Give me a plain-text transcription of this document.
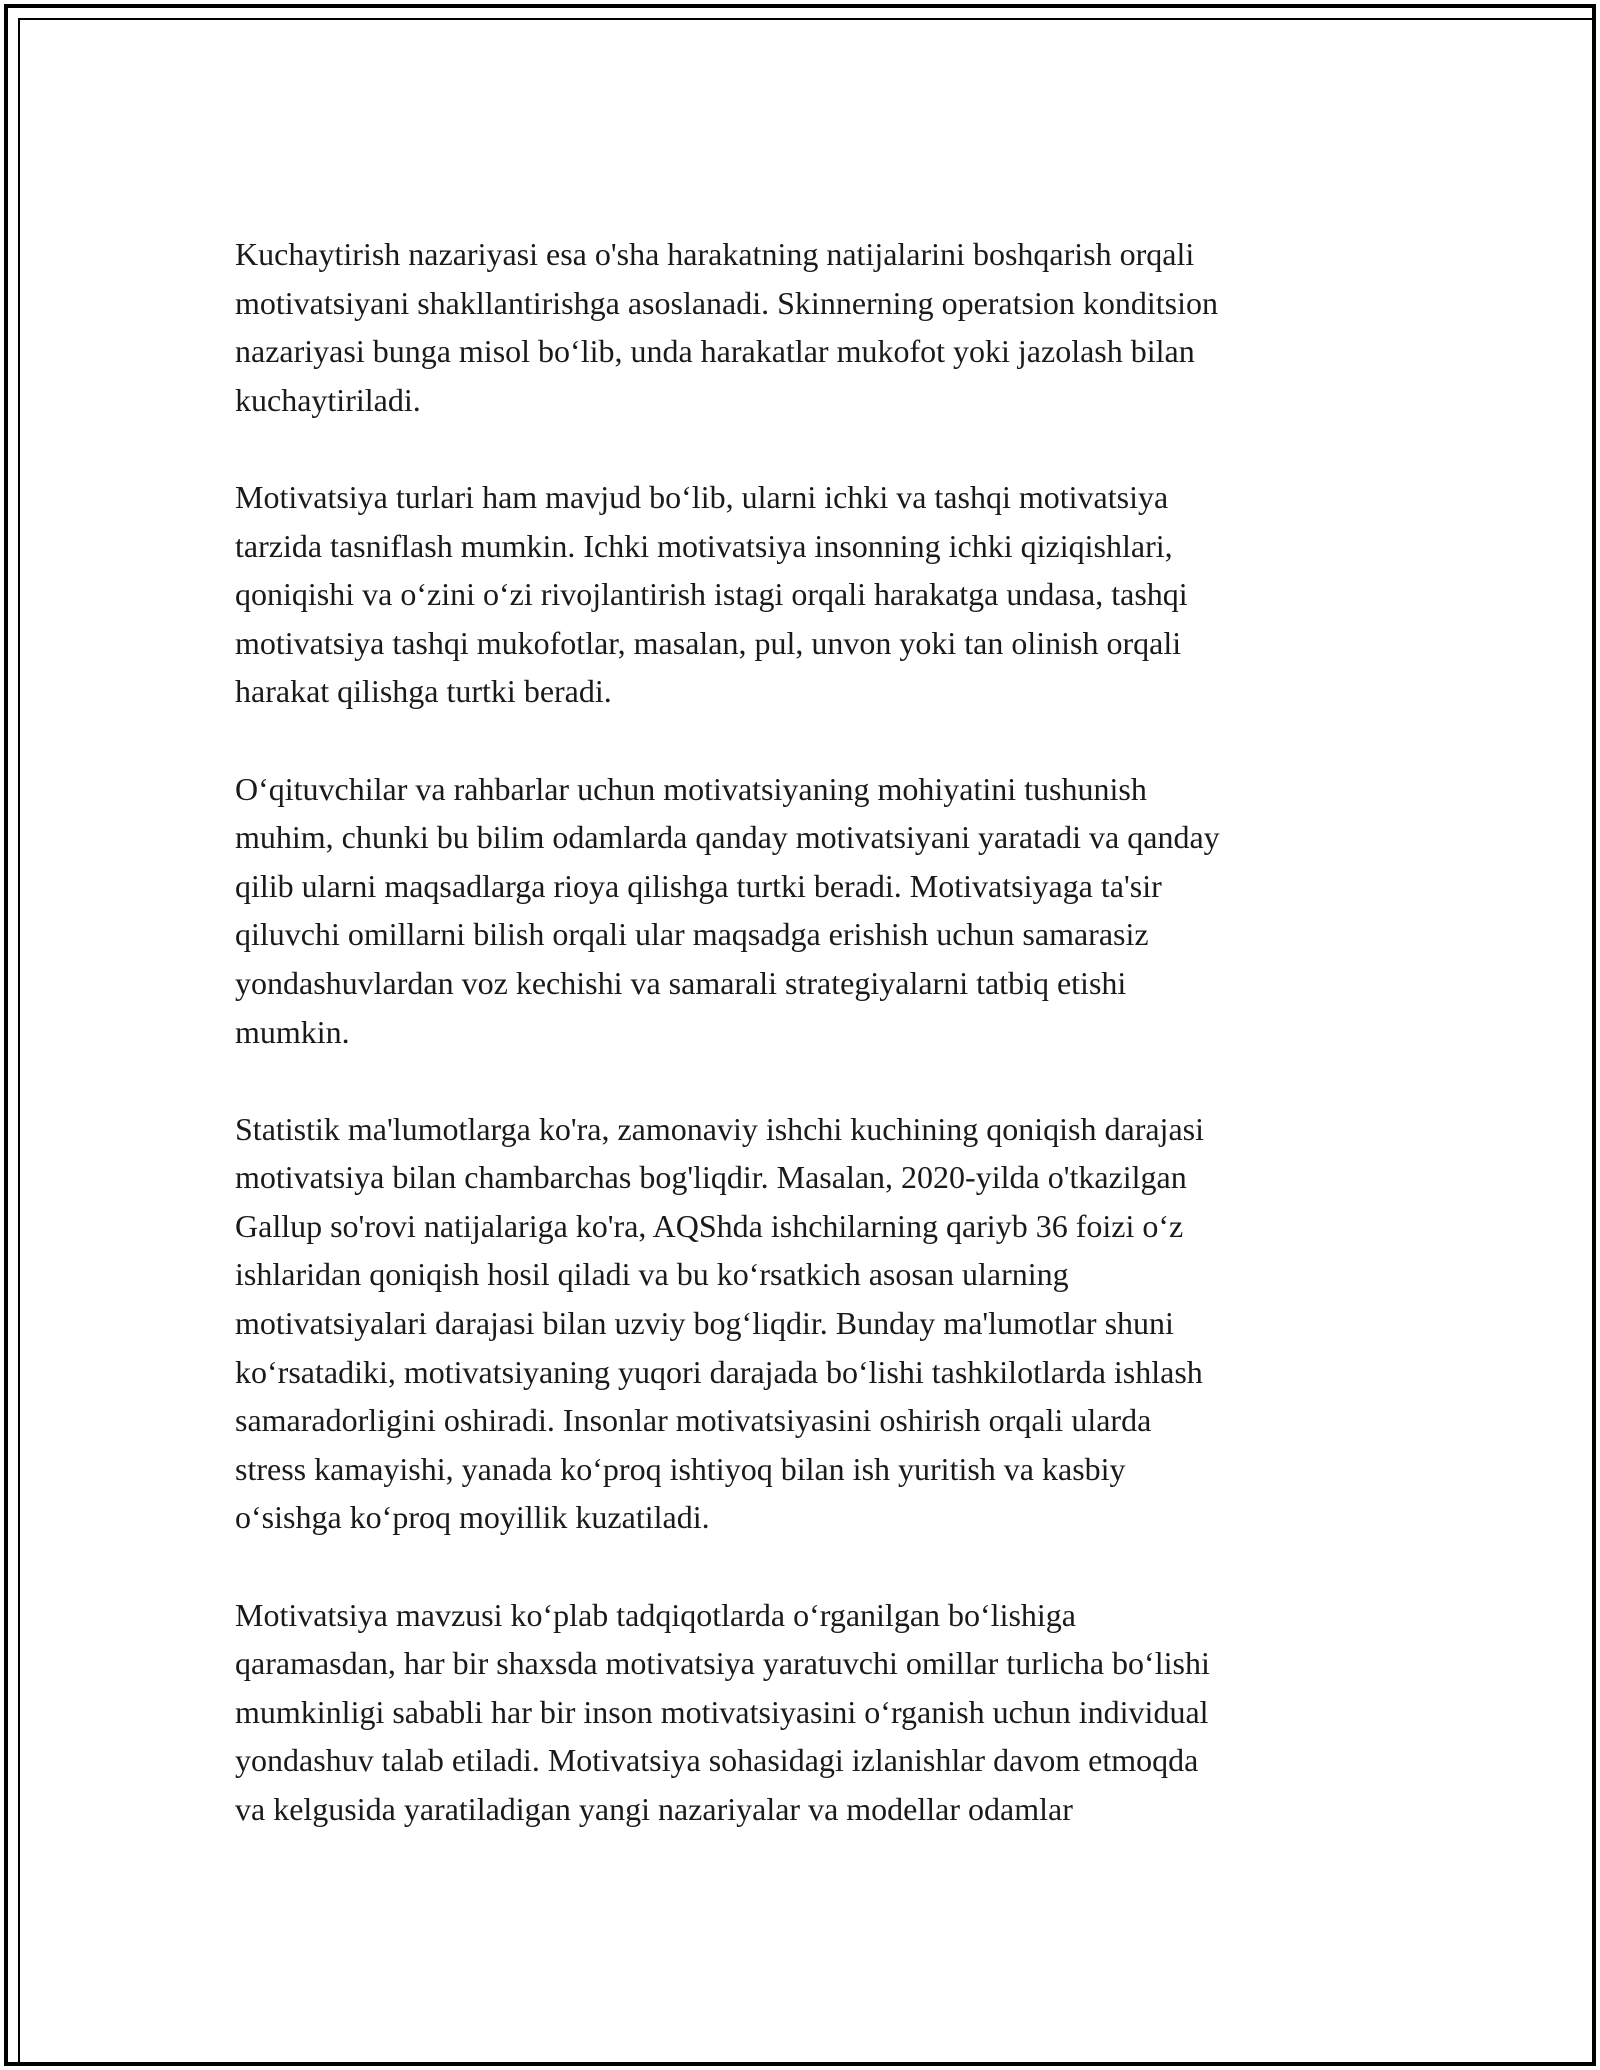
Kuchaytirish nazariyasi esa o'sha harakatning natijalarini boshqarish orqali
motivatsiyani shakllantirishga asoslanadi. Skinnerning operatsion konditsion
nazariyasi bunga misol bo‘lib, unda harakatlar mukofot yoki jazolash bilan
kuchaytiriladi.

Motivatsiya turlari ham mavjud bo‘lib, ularni ichki va tashqi motivatsiya
tarzida tasniflash mumkin. Ichki motivatsiya insonning ichki qiziqishlari,
qoniqishi va o‘zini o‘zi rivojlantirish istagi orqali harakatga undasa, tashqi
motivatsiya tashqi mukofotlar, masalan, pul, unvon yoki tan olinish orqali
harakat qilishga turtki beradi.

O‘qituvchilar va rahbarlar uchun motivatsiyaning mohiyatini tushunish
muhim, chunki bu bilim odamlarda qanday motivatsiyani yaratadi va qanday
qilib ularni maqsadlarga rioya qilishga turtki beradi. Motivatsiyaga ta'sir
qiluvchi omillarni bilish orqali ular maqsadga erishish uchun samarasiz
yondashuvlardan voz kechishi va samarali strategiyalarni tatbiq etishi
mumkin.

Statistik ma'lumotlarga ko'ra, zamonaviy ishchi kuchining qoniqish darajasi
motivatsiya bilan chambarchas bog'liqdir. Masalan, 2020-yilda o'tkazilgan
Gallup so'rovi natijalariga ko'ra, AQShda ishchilarning qariyb 36 foizi o‘z
ishlaridan qoniqish hosil qiladi va bu ko‘rsatkich asosan ularning
motivatsiyalari darajasi bilan uzviy bog‘liqdir. Bunday ma'lumotlar shuni
ko‘rsatadiki, motivatsiyaning yuqori darajada bo‘lishi tashkilotlarda ishlash
samaradorligini oshiradi. Insonlar motivatsiyasini oshirish orqali ularda
stress kamayishi, yanada ko‘proq ishtiyoq bilan ish yuritish va kasbiy
o‘sishga ko‘proq moyillik kuzatiladi.

Motivatsiya mavzusi ko‘plab tadqiqotlarda o‘rganilgan bo‘lishiga
qaramasdan, har bir shaxsda motivatsiya yaratuvchi omillar turlicha bo‘lishi
mumkinligi sababli har bir inson motivatsiyasini o‘rganish uchun individual
yondashuv talab etiladi. Motivatsiya sohasidagi izlanishlar davom etmoqda
va kelgusida yaratiladigan yangi nazariyalar va modellar odamlar
